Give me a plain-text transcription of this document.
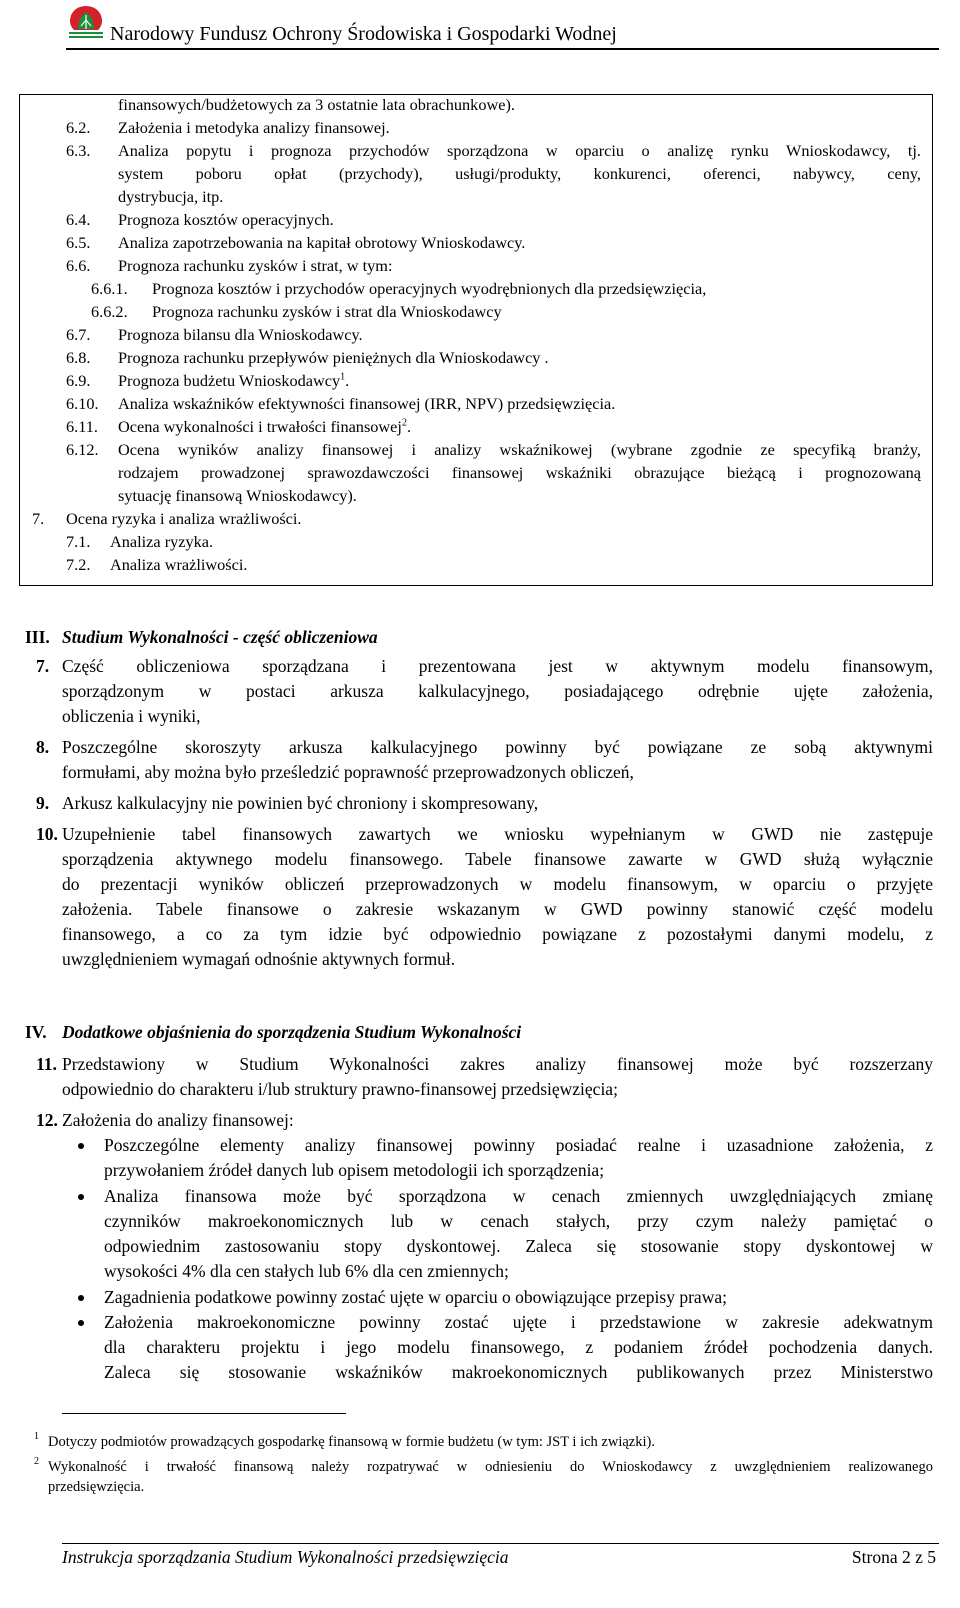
Narodowy Fundusz Ochrony Środowiska i Gospodarki Wodnej
finansowych/budżetowych za 3 ostatnie lata obrachunkowe).
6.2. Założenia i metodyka analizy finansowej.
6.3. Analiza popytu i prognoza przychodów sporządzona w oparciu o analizę rynku Wnioskodawcy, tj.
system poboru opłat (przychody), usługi/produkty, konkurenci, oferenci, nabywcy, ceny,
dystrybucja, itp.
6.4. Prognoza kosztów operacyjnych.
6.5. Analiza zapotrzebowania na kapitał obrotowy Wnioskodawcy.
6.6. Prognoza rachunku zysków i strat, w tym:
6.6.1. Prognoza kosztów i przychodów operacyjnych wyodrębnionych dla przedsięwzięcia,
6.6.2. Prognoza rachunku zysków i strat dla Wnioskodawcy
6.7. Prognoza bilansu dla Wnioskodawcy.
6.8. Prognoza rachunku przepływów pieniężnych dla Wnioskodawcy .
6.9. Prognoza budżetu Wnioskodawcy$^1$.
6.10. Analiza wskaźników efektywności finansowej (IRR, NPV) przedsięwzięcia.
6.11. Ocena wykonalności i trwałości finansowej$^2$.
6.12. Ocena wyników analizy finansowej i analizy wskaźnikowej (wybrane zgodnie ze specyfiką branży,
rodzajem prowadzonej sprawozdawczości finansowej wskaźniki obrazujące bieżącą i prognozowaną
sytuację finansową Wnioskodawcy).
7. Ocena ryzyka i analiza wrażliwości.
7.1. Analiza ryzyka.
7.2. Analiza wrażliwości.
III. Studium Wykonalności - część obliczeniowa
7. Część obliczeniowa sporządzana i prezentowana jest w aktywnym modelu finansowym,
sporządzonym w postaci arkusza kalkulacyjnego, posiadającego odrębnie ujęte założenia,
obliczenia i wyniki,
8. Poszczególne skoroszyty arkusza kalkulacyjnego powinny być powiązane ze sobą aktywnymi
formułami, aby można było prześledzić poprawność przeprowadzonych obliczeń,
9. Arkusz kalkulacyjny nie powinien być chroniony i skompresowany,
10. Uzupełnienie tabel finansowych zawartych we wniosku wypełnianym w GWD nie zastępuje
sporządzenia aktywnego modelu finansowego. Tabele finansowe zawarte w GWD służą wyłącznie
do prezentacji wyników obliczeń przeprowadzonych w modelu finansowym, w oparciu o przyjęte
założenia. Tabele finansowe o zakresie wskazanym w GWD powinny stanowić część modelu
finansowego, a co za tym idzie być odpowiednio powiązane z pozostałymi danymi modelu, z
uwzględnieniem wymagań odnośnie aktywnych formuł.
IV. Dodatkowe objaśnienia do sporządzenia Studium Wykonalności
11. Przedstawiony w Studium Wykonalności zakres analizy finansowej może być rozszerzany
odpowiednio do charakteru i/lub struktury prawno-finansowej przedsięwzięcia;
12. Założenia do analizy finansowej:
Poszczególne elementy analizy finansowej powinny posiadać realne i uzasadnione założenia, z
przywołaniem źródeł danych lub opisem metodologii ich sporządzenia;
Analiza finansowa może być sporządzona w cenach zmiennych uwzględniających zmianę
czynników makroekonomicznych lub w cenach stałych, przy czym należy pamiętać o
odpowiednim zastosowaniu stopy dyskontowej. Zaleca się stosowanie stopy dyskontowej w
wysokości 4% dla cen stałych lub 6% dla cen zmiennych;
Zagadnienia podatkowe powinny zostać ujęte w oparciu o obowiązujące przepisy prawa;
Założenia makroekonomiczne powinny zostać ujęte i przedstawione w zakresie adekwatnym
dla charakteru projektu i jego modelu finansowego, z podaniem źródeł pochodzenia danych.
Zaleca się stosowanie wskaźników makroekonomicznych publikowanych przez Ministerstwo
1 Dotyczy podmiotów prowadzących gospodarkę finansową w formie budżetu (w tym: JST i ich związki).
2 Wykonalność i trwałość finansową należy rozpatrywać w odniesieniu do Wnioskodawcy z uwzględnieniem realizowanego
przedsięwzięcia.
Instrukcja sporządzania Studium Wykonalności przedsięwzięcia	Strona 2 z 5
